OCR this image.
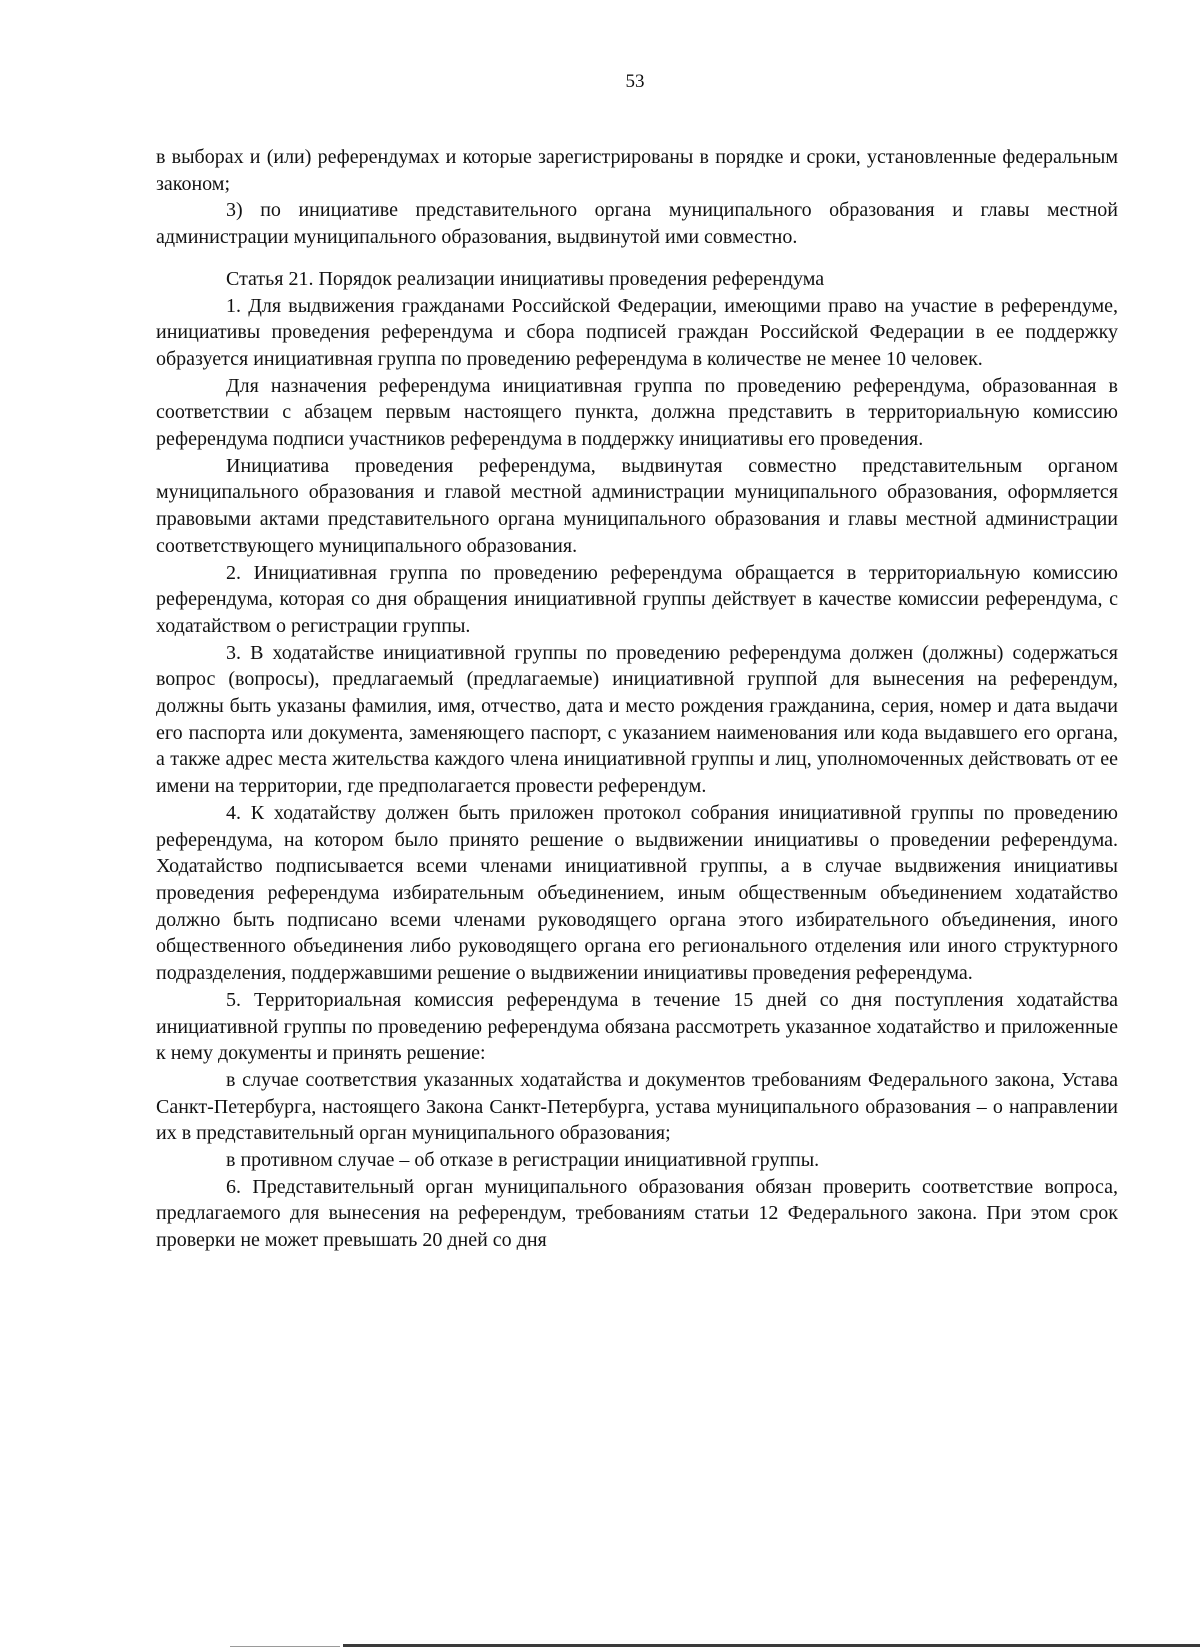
53

в выборах и (или) референдумах и которые зарегистрированы в порядке и сроки, установленные федеральным законом;

3) по инициативе представительного органа муниципального образования и главы местной администрации муниципального образования, выдвинутой ими совместно.

Статья 21. Порядок реализации инициативы проведения референдума

1. Для выдвижения гражданами Российской Федерации, имеющими право на участие в референдуме, инициативы проведения референдума и сбора подписей граждан Российской Федерации в ее поддержку образуется инициативная группа по проведению референдума в количестве не менее 10 человек.

Для назначения референдума инициативная группа по проведению референдума, образованная в соответствии с абзацем первым настоящего пункта, должна представить в территориальную комиссию референдума подписи участников референдума в поддержку инициативы его проведения.

Инициатива проведения референдума, выдвинутая совместно представительным органом муниципального образования и главой местной администрации муниципального образования, оформляется правовыми актами представительного органа муниципального образования и главы местной администрации соответствующего муниципального образования.

2. Инициативная группа по проведению референдума обращается в территориальную комиссию референдума, которая со дня обращения инициативной группы действует в качестве комиссии референдума, с ходатайством о регистрации группы.

3. В ходатайстве инициативной группы по проведению референдума должен (должны) содержаться вопрос (вопросы), предлагаемый (предлагаемые) инициативной группой для вынесения на референдум, должны быть указаны фамилия, имя, отчество, дата и место рождения гражданина, серия, номер и дата выдачи его паспорта или документа, заменяющего паспорт, с указанием наименования или кода выдавшего его органа, а также адрес места жительства каждого члена инициативной группы и лиц, уполномоченных действовать от ее имени на территории, где предполагается провести референдум.

4. К ходатайству должен быть приложен протокол собрания инициативной группы по проведению референдума, на котором было принято решение о выдвижении инициативы о проведении референдума. Ходатайство подписывается всеми членами инициативной группы, а в случае выдвижения инициативы проведения референдума избирательным объединением, иным общественным объединением ходатайство должно быть подписано всеми членами руководящего органа этого избирательного объединения, иного общественного объединения либо руководящего органа его регионального отделения или иного структурного подразделения, поддержавшими решение о выдвижении инициативы проведения референдума.

5. Территориальная комиссия референдума в течение 15 дней со дня поступления ходатайства инициативной группы по проведению референдума обязана рассмотреть указанное ходатайство и приложенные к нему документы и принять решение:

в случае соответствия указанных ходатайства и документов требованиям Федерального закона, Устава Санкт-Петербурга, настоящего Закона Санкт-Петербурга, устава муниципального образования – о направлении их в представительный орган муниципального образования;

в противном случае – об отказе в регистрации инициативной группы.

6. Представительный орган муниципального образования обязан проверить соответствие вопроса, предлагаемого для вынесения на референдум, требованиям статьи 12 Федерального закона. При этом срок проверки не может превышать 20 дней со дня
